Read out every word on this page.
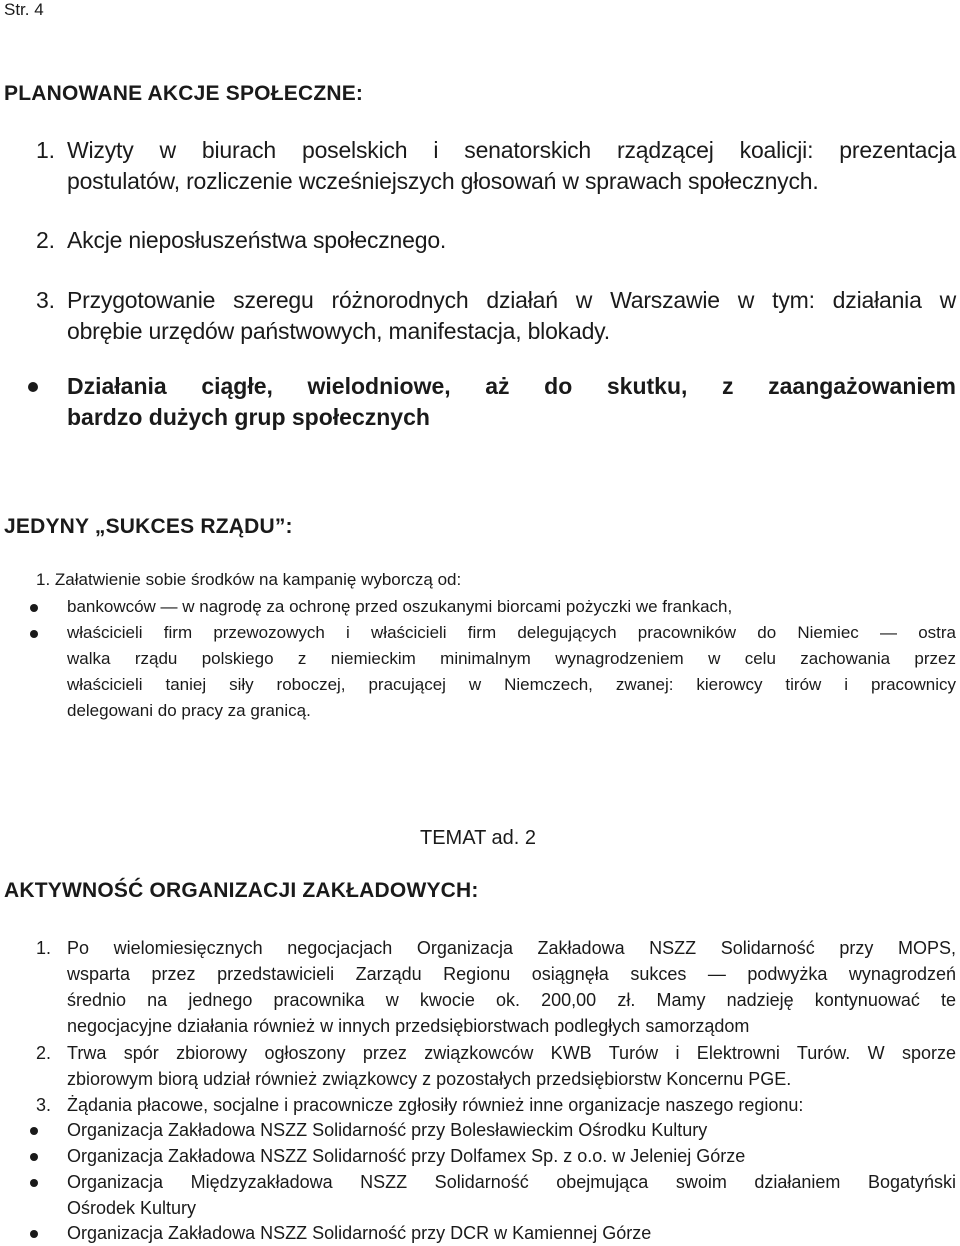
Str. 4
PLANOWANE AKCJE SPOŁECZNE:
1. Wizyty w biurach poselskich i senatorskich rządzącej koalicji: prezentacja
postulatów, rozliczenie wcześniejszych głosowań w sprawach społecznych.
2. Akcje nieposłuszeństwa społecznego.
3. Przygotowanie szeregu różnorodnych działań w Warszawie w tym: działania w
obrębie urzędów państwowych, manifestacja, blokady.
Działania ciągłe, wielodniowe, aż do skutku, z zaangażowaniem
bardzo dużych grup społecznych
JEDYNY „SUKCES RZĄDU”:
1. Załatwienie sobie środków na kampanię wyborczą od:
bankowców — w nagrodę za ochronę przed oszukanymi biorcami pożyczki we frankach,
właścicieli firm przewozowych i właścicieli firm delegujących pracowników do Niemiec — ostra
walka rządu polskiego z niemieckim minimalnym wynagrodzeniem w celu zachowania przez
właścicieli taniej siły roboczej, pracującej w Niemczech, zwanej: kierowcy tirów i pracownicy
delegowani do pracy za granicą.
TEMAT ad. 2
AKTYWNOŚĆ ORGANIZACJI ZAKŁADOWYCH:
1. Po wielomiesięcznych negocjacjach Organizacja Zakładowa NSZZ Solidarność przy MOPS,
wsparta przez przedstawicieli Zarządu Regionu osiągnęła sukces — podwyżka wynagrodzeń
średnio na jednego pracownika w kwocie ok. 200,00 zł. Mamy nadzieję kontynuować te
negocjacyjne działania również w innych przedsiębiorstwach podległych samorządom
2. Trwa spór zbiorowy ogłoszony przez związkowców KWB Turów i Elektrowni Turów. W sporze
zbiorowym biorą udział również związkowcy z pozostałych przedsiębiorstw Koncernu PGE.
3. Żądania płacowe, socjalne i pracownicze zgłosiły również inne organizacje naszego regionu:
Organizacja Zakładowa NSZZ Solidarność przy Bolesławieckim Ośrodku Kultury
Organizacja Zakładowa NSZZ Solidarność przy Dolfamex Sp. z o.o. w Jeleniej Górze
Organizacja Międzyzakładowa NSZZ Solidarność obejmująca swoim działaniem Bogatyński
Ośrodek Kultury
Organizacja Zakładowa NSZZ Solidarność przy DCR w Kamiennej Górze
